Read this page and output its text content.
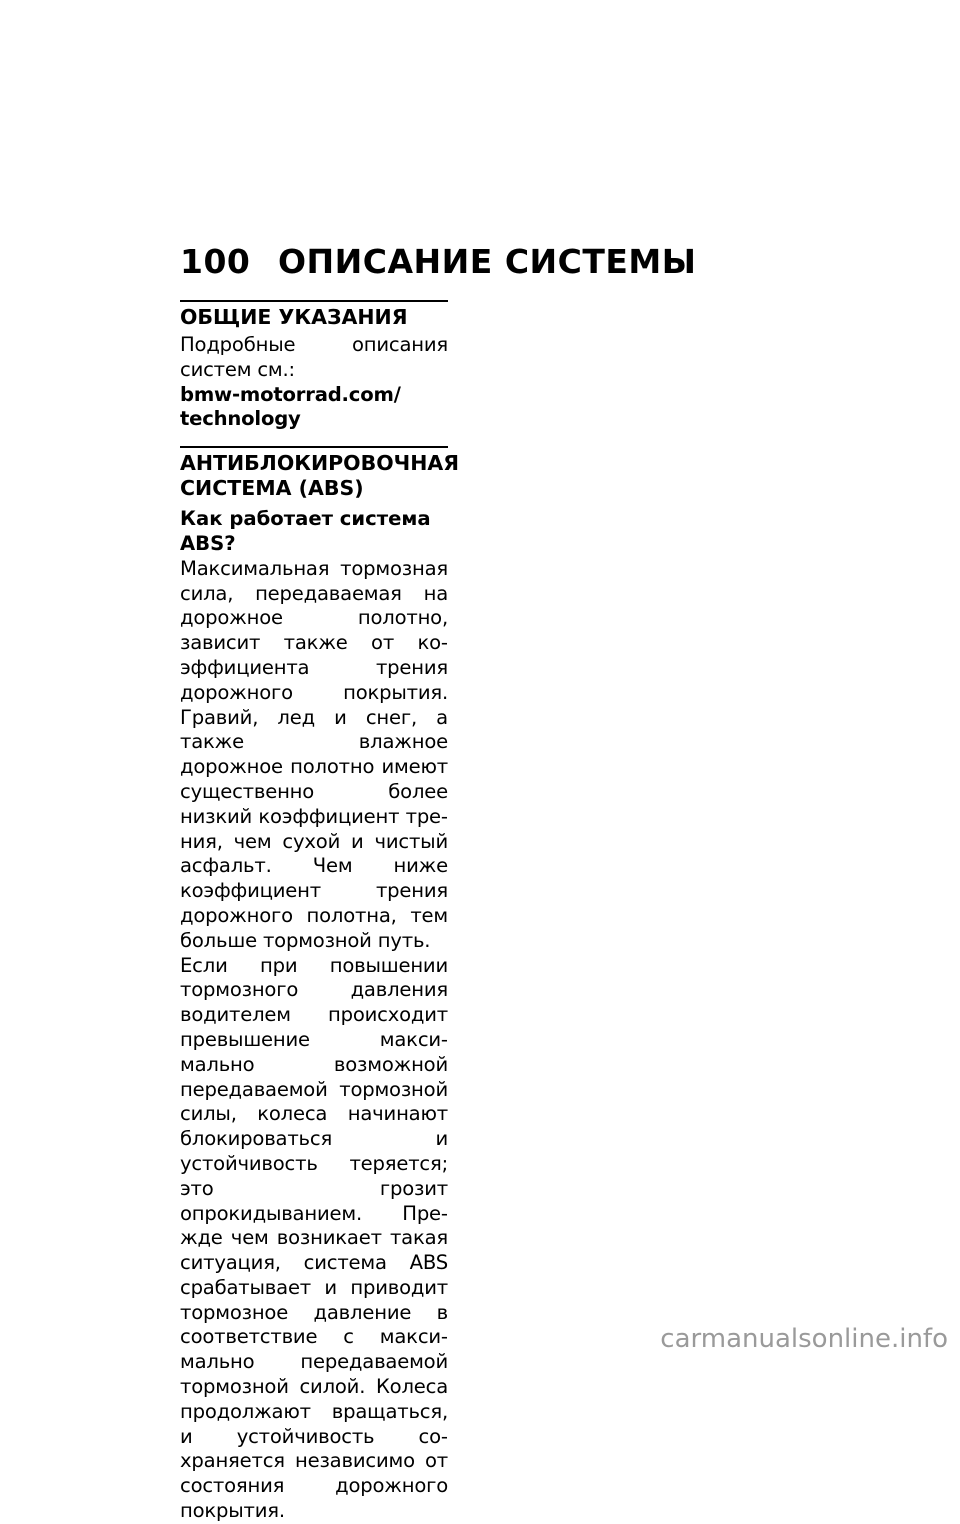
100 ОПИСАНИЕ СИСТЕМЫ
ОБЩИЕ УКАЗАНИЯ

Подробные описания систем см.:

bmw-motorrad.com/
technology
АНТИБЛОКИРОВОЧНАЯ СИСТЕМА (ABS)
Как работает система ABS?

Максимальная тормозная сила, передаваемая на дорожное полотно, зависит также от коэффициента трения дорожного покрытия. Гравий, лед и снег, а также влажное дорожное полотно имеют существенно более низкий коэффициент трения, чем сухой и чистый асфальт. Чем ниже коэффициент трения дорожного полотна, тем больше тормозной путь.

Если при повышении тормозного давления водителем происходит превышение максимально возможной передаваемой тормозной силы, колеса начинают блокироваться и устойчивость теряется; это грозит опрокидыванием. Прежде чем возникает такая ситуация, система ABS срабатывает и приводит тормозное давление в соответствие с максимально передаваемой тормозной силой. Колеса продолжают вращаться, и устойчивость сохраняется независимо от состояния дорожного покрытия.

carmanualsonline.info
